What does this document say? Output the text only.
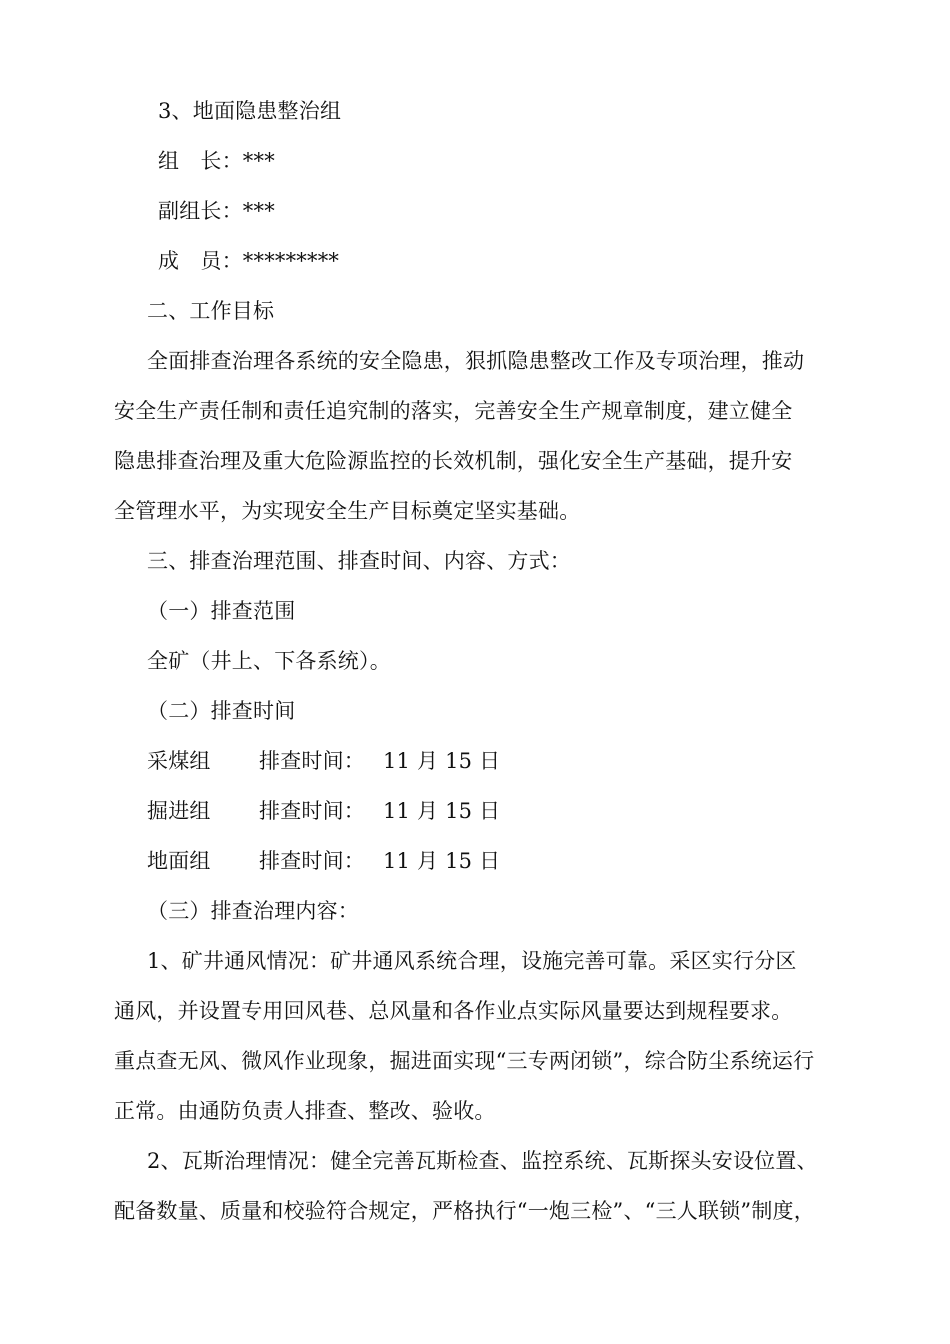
3、地面隐患整治组
组　长：***
副组长：***
成　员：*********
二、工作目标
全面排查治理各系统的安全隐患，狠抓隐患整改工作及专项治理，推动
安全生产责任制和责任追究制的落实，完善安全生产规章制度，建立健全
隐患排查治理及重大危险源监控的长效机制，强化安全生产基础，提升安
全管理水平，为实现安全生产目标奠定坚实基础。
三、排查治理范围、排查时间、内容、方式：
（一）排查范围
全矿（井上、下各系统）。
（二）排查时间
采煤组 排查时间： 11 月 15 日
掘进组 排查时间： 11 月 15 日
地面组 排查时间： 11 月 15 日
（三）排查治理内容：
1、矿井通风情况：矿井通风系统合理，设施完善可靠。采区实行分区
通风，并设置专用回风巷、总风量和各作业点实际风量要达到规程要求。
重点查无风、微风作业现象，掘进面实现“三专两闭锁”，综合防尘系统运行
正常。由通防负责人排查、整改、验收。
2、瓦斯治理情况：健全完善瓦斯检查、监控系统、瓦斯探头安设位置、
配备数量、质量和校验符合规定，严格执行“一炮三检”、“三人联锁”制度，
